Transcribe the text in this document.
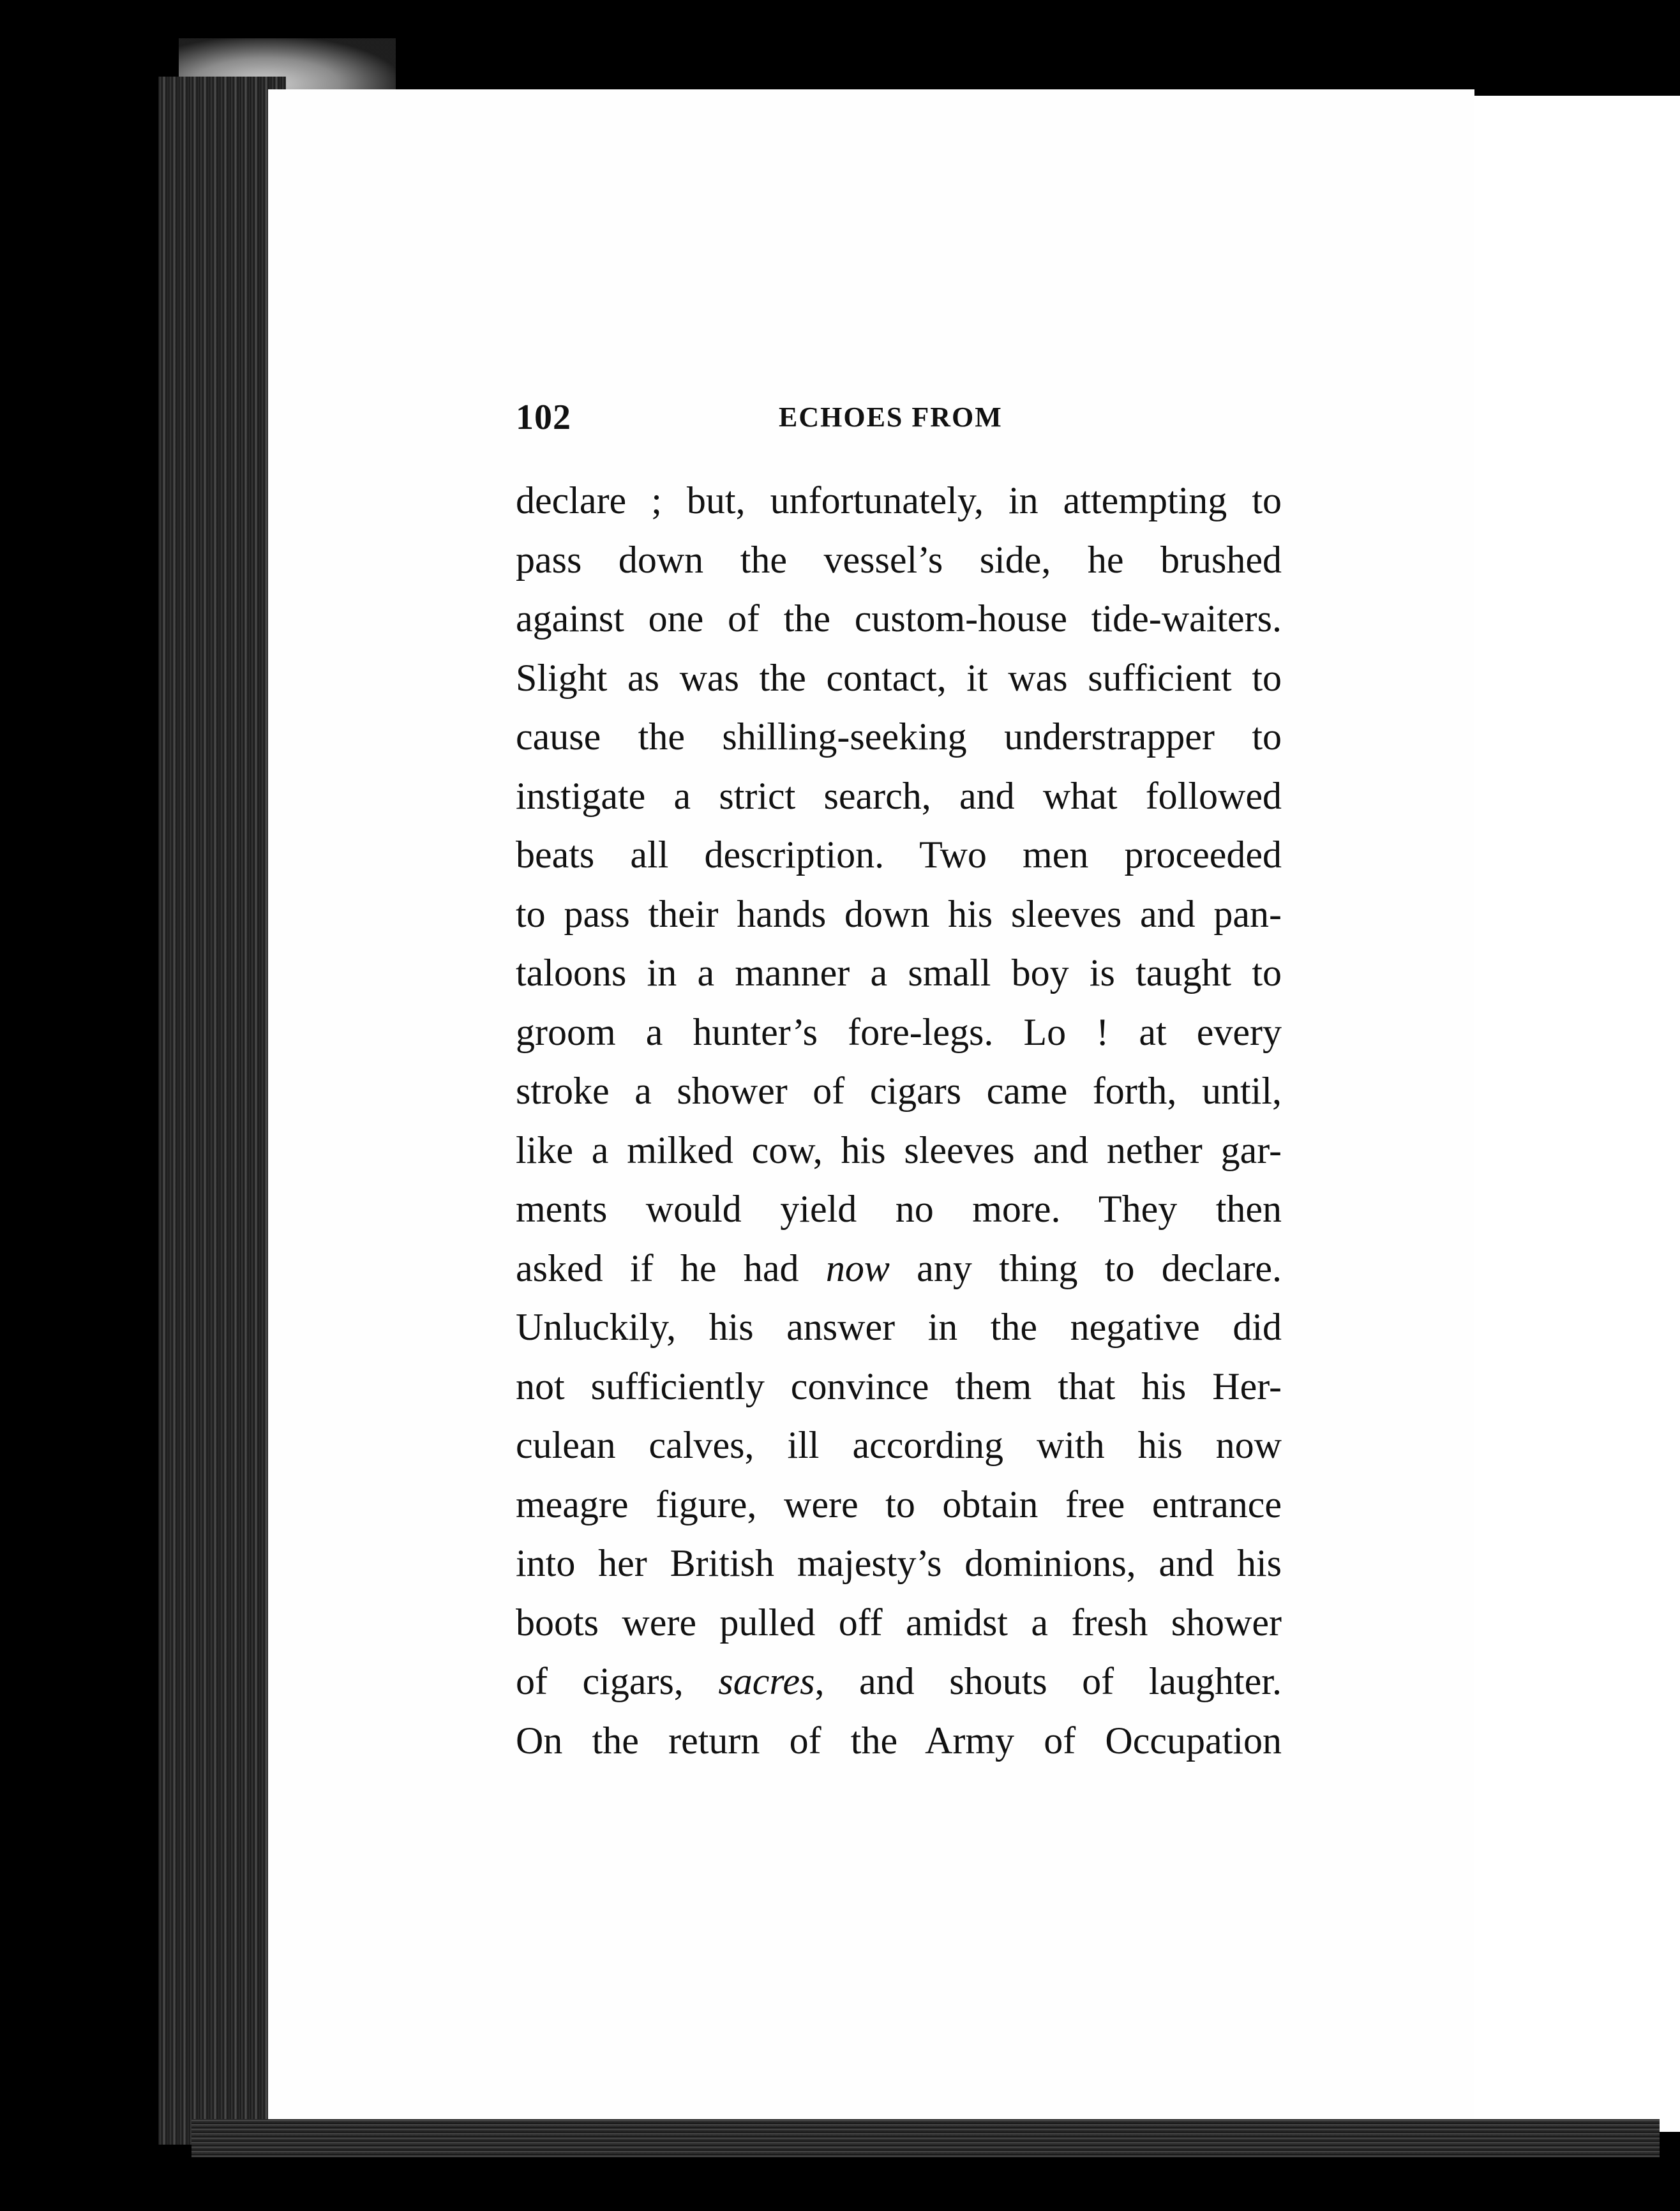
102	ECHOES FROM
declare ; but, unfortunately, in attempting to
pass down the vessel’s side, he brushed
against one of the custom-house tide-waiters.
Slight as was the contact, it was sufficient to
cause the shilling-seeking understrapper to
instigate a strict search, and what followed
beats all description. Two men proceeded
to pass their hands down his sleeves and pan-
taloons in a manner a small boy is taught to
groom a hunter’s fore-legs. Lo ! at every
stroke a shower of cigars came forth, until,
like a milked cow, his sleeves and nether gar-
ments would yield no more. They then
asked if he had now any thing to declare.
Unluckily, his answer in the negative did
not sufficiently convince them that his Her-
culean calves, ill according with his now
meagre figure, were to obtain free entrance
into her British majesty’s dominions, and his
boots were pulled off amidst a fresh shower
of cigars, sacres, and shouts of laughter.
On the return of the Army of Occupation
